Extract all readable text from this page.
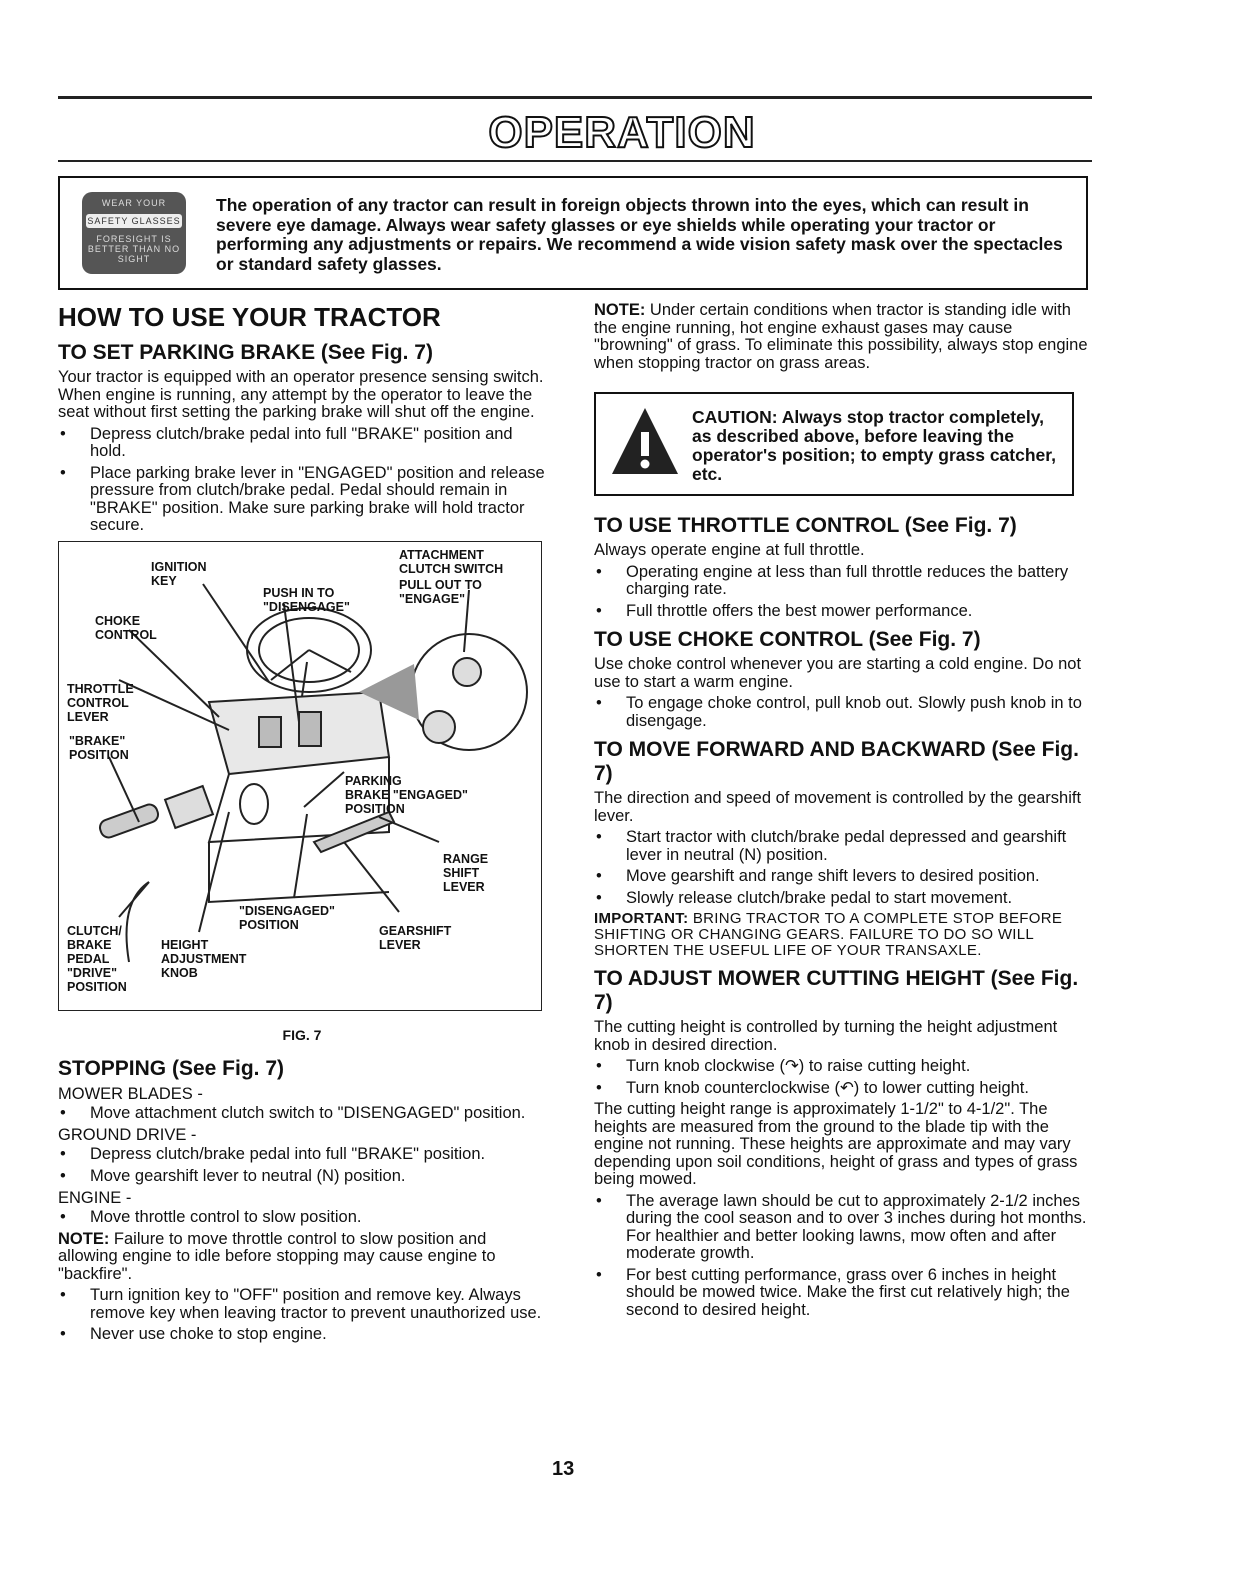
OPERATION
WEAR YOUR
SAFETY GLASSES
FORESIGHT IS BETTER THAN NO SIGHT
The operation of any tractor can result in foreign objects thrown into the eyes, which can result in severe eye damage. Always wear safety glasses or eye shields while operating your tractor or performing any adjustments or repairs. We recommend a wide vision safety mask over the spectacles or standard safety glasses.
HOW TO USE YOUR TRACTOR
TO SET PARKING BRAKE (See Fig. 7)

Your tractor is equipped with an operator presence sensing switch. When engine is running, any attempt by the operator to leave the seat without first setting the parking brake will shut off the engine.

• Depress clutch/brake pedal into full "BRAKE" position and hold.
• Place parking brake lever in "ENGAGED" position and release pressure from clutch/brake pedal. Pedal should remain in "BRAKE" position. Make sure parking brake will hold tractor secure.
IGNITION
KEY
ATTACHMENT
CLUTCH SWITCH
PUSH IN TO
"DISENGAGE"
PULL OUT TO
"ENGAGE"
CHOKE
CONTROL
THROTTLE
CONTROL
LEVER
"BRAKE"
POSITION
PARKING
BRAKE "ENGAGED"
POSITION
RANGE
SHIFT
LEVER
"DISENGAGED"
POSITION	GEARSHIFT
LEVER
CLUTCH/
BRAKE
PEDAL
"DRIVE"
POSITION
HEIGHT
ADJUSTMENT
KNOB
FIG. 7
STOPPING (See Fig. 7)
MOWER BLADES -
• Move attachment clutch switch to "DISENGAGED" position.
GROUND DRIVE -
• Depress clutch/brake pedal into full "BRAKE" position.
• Move gearshift lever to neutral (N) position.
ENGINE -
• Move throttle control to slow position.

NOTE: Failure to move throttle control to slow position and allowing engine to idle before stopping may cause engine to "backfire".

• Turn ignition key to "OFF" position and remove key. Always remove key when leaving tractor to prevent unauthorized use.
• Never use choke to stop engine.

NOTE: Under certain conditions when tractor is standing idle with the engine running, hot engine exhaust gases may cause "browning" of grass. To eliminate this possibility, always stop engine when stopping tractor on grass areas.

CAUTION: Always stop tractor completely, as described above, before leaving the operator's position; to empty grass catcher, etc.
TO USE THROTTLE CONTROL (See Fig. 7)

Always operate engine at full throttle.

• Operating engine at less than full throttle reduces the battery charging rate.
• Full throttle offers the best mower performance.
TO USE CHOKE CONTROL (See Fig. 7)

Use choke control whenever you are starting a cold engine. Do not use to start a warm engine.

• To engage choke control, pull knob out. Slowly push knob in to disengage.
TO MOVE FORWARD AND BACKWARD (See Fig. 7)

The direction and speed of movement is controlled by the gearshift lever.

• Start tractor with clutch/brake pedal depressed and gearshift lever in neutral (N) position.
• Move gearshift and range shift levers to desired position.
• Slowly release clutch/brake pedal to start movement.

IMPORTANT: BRING TRACTOR TO A COMPLETE STOP BEFORE SHIFTING OR CHANGING GEARS. FAILURE TO DO SO WILL SHORTEN THE USEFUL LIFE OF YOUR TRANSAXLE.

TO ADJUST MOWER CUTTING HEIGHT (See Fig. 7)

The cutting height is controlled by turning the height adjustment knob in desired direction.

• Turn knob clockwise (↷) to raise cutting height.
• Turn knob counterclockwise (↶) to lower cutting height.

The cutting height range is approximately 1-1/2" to 4-1/2". The heights are measured from the ground to the blade tip with the engine not running. These heights are approximate and may vary depending upon soil conditions, height of grass and types of grass being mowed.

• The average lawn should be cut to approximately 2-1/2 inches during the cool season and to over 3 inches during hot months. For healthier and better looking lawns, mow often and after moderate growth.
• For best cutting performance, grass over 6 inches in height should be mowed twice. Make the first cut relatively high; the second to desired height.
13
